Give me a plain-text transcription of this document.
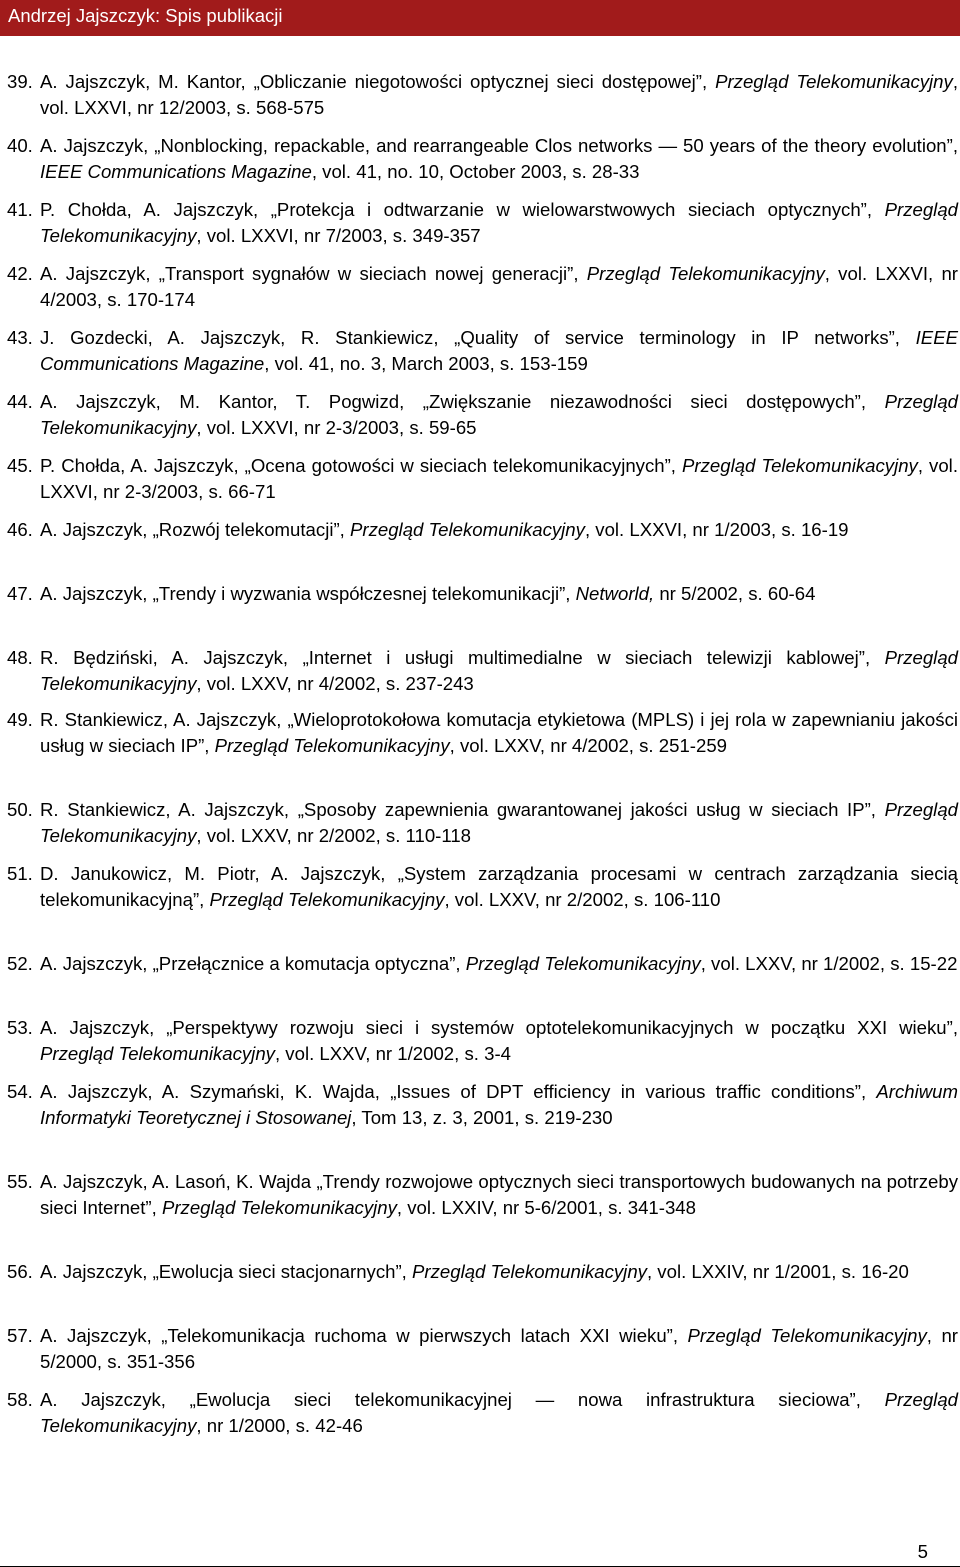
Andrzej Jajszczyk: Spis publikacji
39. A. Jajszczyk, M. Kantor, „Obliczanie niegotowości optycznej sieci dostępowej”, Przegląd Telekomunikacyjny, vol. LXXVI, nr 12/2003, s. 568-575
40. A. Jajszczyk, „Nonblocking, repackable, and rearrangeable Clos networks — 50 years of the theory evolution”, IEEE Communications Magazine, vol. 41, no. 10, October 2003, s. 28-33
41. P. Chołda, A. Jajszczyk, „Protekcja i odtwarzanie w wielowarstwowych sieciach optycznych”, Przegląd Telekomunikacyjny, vol. LXXVI, nr 7/2003, s. 349-357
42. A. Jajszczyk, „Transport sygnałów w sieciach nowej generacji”, Przegląd Telekomunikacyjny, vol. LXXVI, nr 4/2003, s. 170-174
43. J. Gozdecki, A. Jajszczyk, R. Stankiewicz, „Quality of service terminology in IP networks”, IEEE Communications Magazine, vol. 41, no. 3, March 2003, s. 153-159
44. A. Jajszczyk, M. Kantor, T. Pogwizd, „Zwiększanie niezawodności sieci dostępowych”, Przegląd Telekomunikacyjny, vol. LXXVI, nr 2-3/2003, s. 59-65
45. P. Chołda, A. Jajszczyk, „Ocena gotowości w sieciach telekomunikacyjnych”, Przegląd Telekomunikacyjny, vol. LXXVI, nr 2-3/2003, s. 66-71
46. A. Jajszczyk, „Rozwój telekomutacji”, Przegląd Telekomunikacyjny, vol. LXXVI, nr 1/2003, s. 16-19
47. A. Jajszczyk, „Trendy i wyzwania współczesnej telekomunikacji”, Networld, nr 5/2002, s. 60-64
48. R. Będziński, A. Jajszczyk, „Internet i usługi multimedialne w sieciach telewizji kablowej”, Przegląd Telekomunikacyjny, vol. LXXV, nr 4/2002, s. 237-243
49. R. Stankiewicz, A. Jajszczyk, „Wieloprotokołowa komutacja etykietowa (MPLS) i jej rola w zapewnianiu jakości usług w sieciach IP”, Przegląd Telekomunikacyjny, vol. LXXV, nr 4/2002, s. 251-259
50. R. Stankiewicz, A. Jajszczyk, „Sposoby zapewnienia gwarantowanej jakości usług w sieciach IP”, Przegląd Telekomunikacyjny, vol. LXXV, nr 2/2002, s. 110-118
51. D. Janukowicz, M. Piotr, A. Jajszczyk, „System zarządzania procesami w centrach zarządzania siecią telekomunikacyjną”, Przegląd Telekomunikacyjny, vol. LXXV, nr 2/2002, s. 106-110
52. A. Jajszczyk, „Przełącznice a komutacja optyczna”, Przegląd Telekomunikacyjny, vol. LXXV, nr 1/2002, s. 15-22
53. A. Jajszczyk, „Perspektywy rozwoju sieci i systemów optotelekomunikacyjnych w początku XXI wieku”, Przegląd Telekomunikacyjny, vol. LXXV, nr 1/2002, s. 3-4
54. A. Jajszczyk, A. Szymański, K. Wajda, „Issues of DPT efficiency in various traffic conditions”, Archiwum Informatyki Teoretycznej i Stosowanej, Tom 13, z. 3, 2001, s. 219-230
55. A. Jajszczyk, A. Lasoń, K. Wajda „Trendy rozwojowe optycznych sieci transportowych budowanych na potrzeby sieci Internet”, Przegląd Telekomunikacyjny, vol. LXXIV, nr 5-6/2001, s. 341-348
56. A. Jajszczyk, „Ewolucja sieci stacjonarnych”, Przegląd Telekomunikacyjny, vol. LXXIV, nr 1/2001, s. 16-20
57. A. Jajszczyk, „Telekomunikacja ruchoma w pierwszych latach XXI wieku”, Przegląd Telekomunikacyjny, nr 5/2000, s. 351-356
58. A. Jajszczyk, „Ewolucja sieci telekomunikacyjnej — nowa infrastruktura sieciowa”, Przegląd Telekomunikacyjny, nr 1/2000, s. 42-46
5
